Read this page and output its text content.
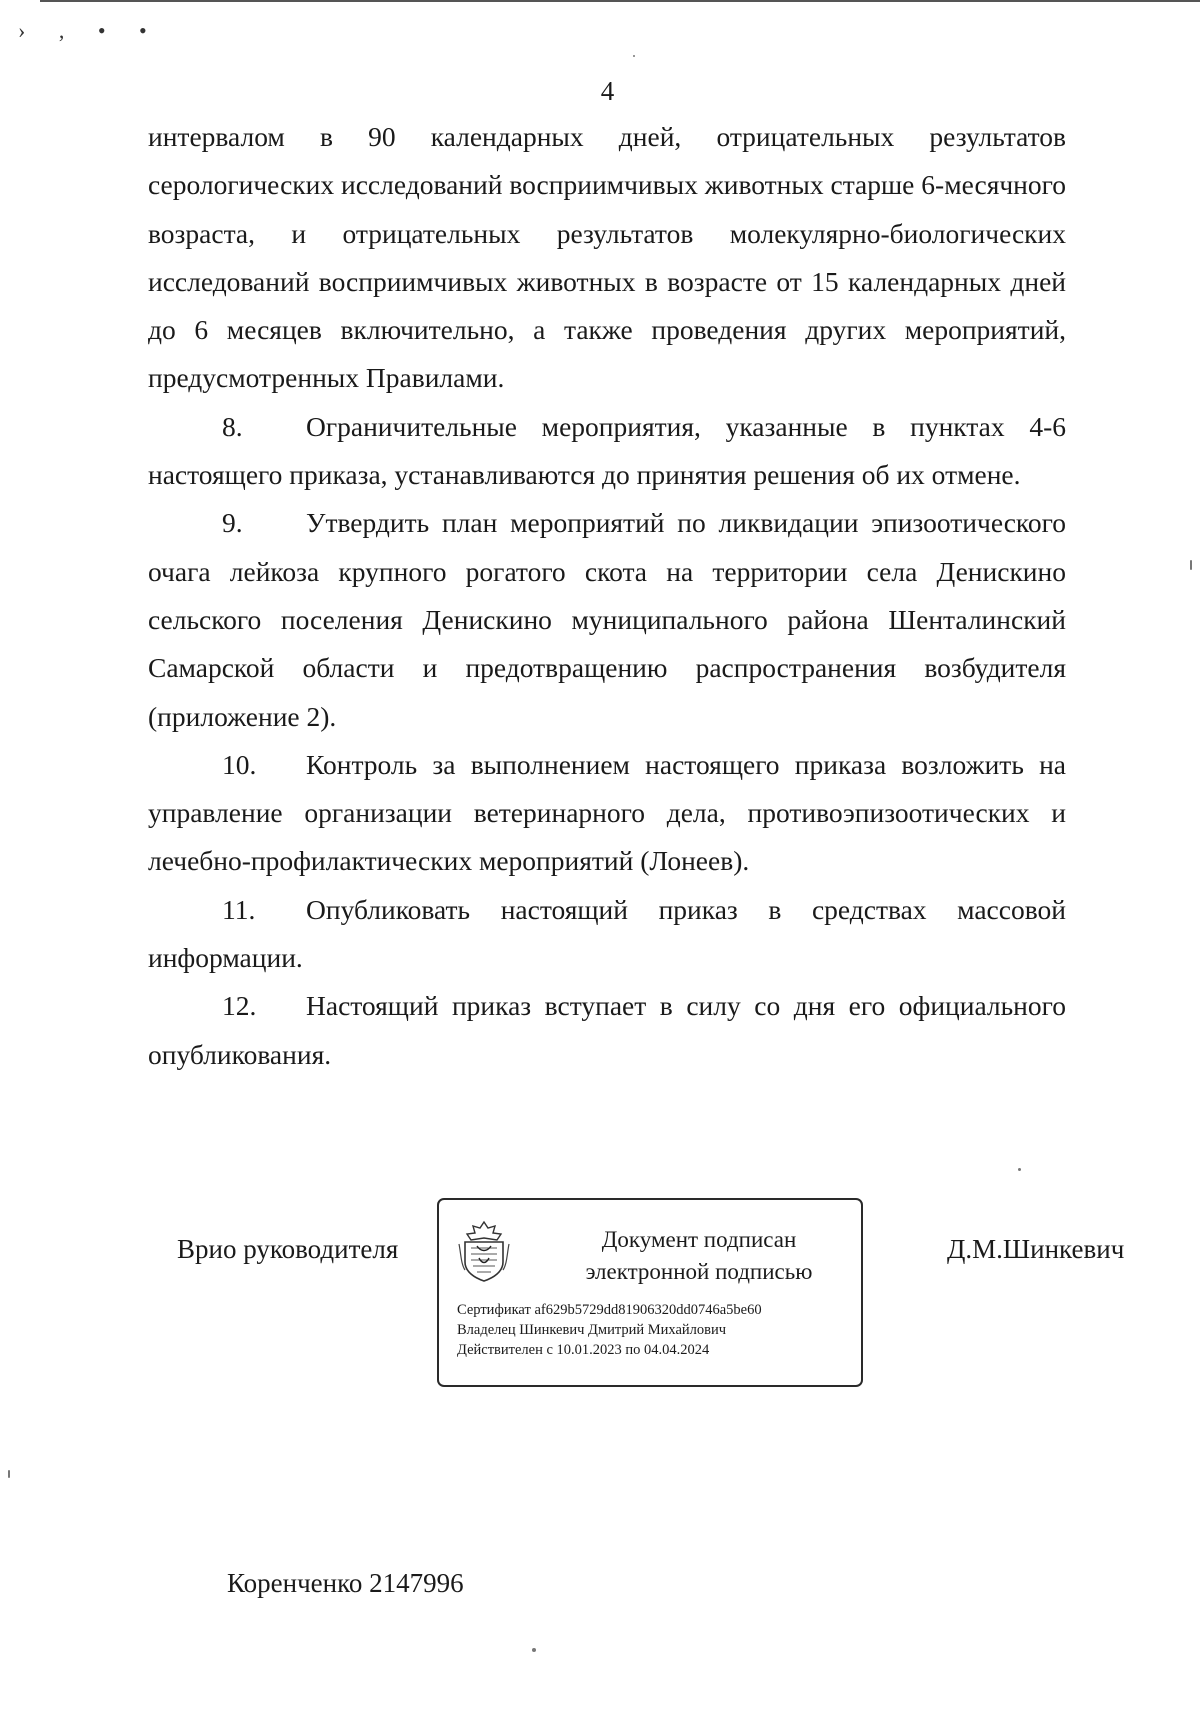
› , • •
4

интервалом в 90 календарных дней, отрицательных результатов серологических исследований восприимчивых животных старше 6-месячного возраста, и отрицательных результатов молекулярно-биологических исследований восприимчивых животных в возрасте от 15 календарных дней до 6 месяцев включительно, а также проведения других мероприятий, предусмотренных Правилами.

8. Ограничительные мероприятия, указанные в пунктах 4-6 настоящего приказа, устанавливаются до принятия решения об их отмене.

9. Утвердить план мероприятий по ликвидации эпизоотического очага лейкоза крупного рогатого скота на территории села Денискино сельского поселения Денискино муниципального района Шенталинский Самарской области и предотвращению распространения возбудителя (приложение 2).

10. Контроль за выполнением настоящего приказа возложить на управление организации ветеринарного дела, противоэпизоотических и лечебно-профилактических мероприятий (Лонеев).

11. Опубликовать настоящий приказ в средствах массовой информации.

12. Настоящий приказ вступает в силу со дня его официального опубликования.

Врио руководителя	Документ подписан
электронной подписью
Сертификат af629b5729dd81906320dd0746a5be60
Владелец Шинкевич Дмитрий Михайлович
Действителен с 10.01.2023 по 04.04.2024
Д.М.Шинкевич
Коренченко 2147996
